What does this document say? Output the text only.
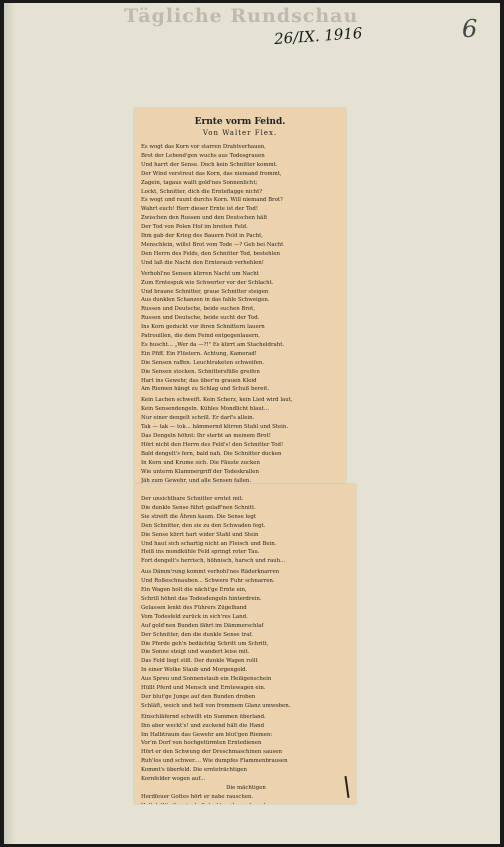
Tägliche Rundschau
26/IX. 1916	6
Ernte vorm Feind.
Von Walter Flex.
Es wogt das Korn vor starren Drahtverhauen,
Brot der Lebend'gen wuchs aus Todesgrauen
Und harrt der Sense. Doch kein Schnitter kommt.
Der Wind verstreut das Korn, das niemand frommt,
Zagein, tagaus wallt gold'nes Sonnenlicht;
Lockt, Schnitter, dich die Ernteflagge nicht?
Es wogt und raunt durchs Korn. Will niemand Brot?
Wahrt euch! Herr dieser Ernte ist der Tod!
Zwischen den Russen und den Deutschen hält
Der Tod von Polen Hof im breiten Feld.
Ihm gab der Krieg des Bauern Feld in Pacht,
Menschlein, willst Brot vom Tode —? Geh bei Nacht
Den Herrn des Felds, den Schnitter Tod, bestehlen
Und laß die Nacht den Ernteraub verhehlen!
Verhohl'ne Sensen klirren Nacht um Nacht
Zum Erntespuk wie Schwerter vor der Schlacht.
Und braune Schnitter, graue Schnitter steigen
Aus dunklen Schanzen in das fahle Schweigen.
Russen und Deutsche, beide suchen Brot,
Russen und Deutsche, beide sucht der Tod.
Ins Korn geduckt vor ihren Schnittern lauern
Patrouillen, die dem Feind entgegenlauern.
Es huscht... „Wer da —?!" Es klirrt am Stacheldraht.
Ein Pfiff. Ein Flüstern. Achtung, Kamerad!
Die Sensen raffen. Leuchtraketen schweifen.
Die Sensen stocken. Schnittersfüße greifen
Hart ins Gewehr, das über'm grauen Kleid
Am Riemen hängt zu Schlag und Schuß bereit.
Kein Lachen schweift. Kein Scherz, kein Lied wird laut,
Kein Sensendengeln. Kühles Mondlicht blaut...
Nur einer dengelt schrill. Er darf's allein.
Tak — tak — tok... hämmernd klirren Stahl und Stein.
Das Dengeln höhnt: Ihr sterbt an meinem Brot!
Hört nicht den Herrn des Feld's! den Schnitter Tod!
Bald dengelt's fern, bald nah. Die Schnitter ducken
In Korn und Krume sich. Die Fäuste zucken
Wie unterm Klammergriff der Todeskrallen
Jäh zum Gewehr, und alle Sensen fallen.
Der unsichtbare Schnitter erntet mit.
Die dunkle Sense führt gelaff'nen Schnitt.
Sie streift die Ähren kaum. Die Sense legt
Den Schnitter, den sie zu den Schwaden fegt.
Die Sense klirrt hart wider Stahl und Stein
Und haut sich schartig nicht an Fleisch und Bein.
Heiß ins mondkühle Feld springt roter Tau.
Fort dengelt's herrisch, höhnisch, harsch und rauh...
Aus Dämm'rung kommt verhohl'nes Räderknarren
Und Roßeschnauben... Schwere Fuhr schnarren.
Ein Wagen holt die nächt'ge Ernte ein,
Schrill höhnt das Todesdengeln hinterdrein.
Gelassen lenkt des Führers Zügelhand
Vom Todesfeld zurück in sich'res Land.
Auf gold'nen Bunden fährt im Dämmerschlaf
Der Schnitter, den die dunkle Sense traf.
Die Pferde geh'n bedächtig Schritt um Schritt,
Die Sonne steigt und wandert leise mit.
Das Feld liegt still. Der dunkle Wagen rollt
In einer Wolke Staub und Morgengold.
Aus Spreu und Sonnenstaub ein Heiligenschein
Hüllt Pferd und Mensch und Erntewagen ein.
Der blut'ge Junge auf den Bunden droben
Schläft, weich und hell von frommem Glanz umwoben.
Einschläfernd schwillt ein Summen überland.
Ihn aber weckt's! und zuckend hält die Hand
Im Halbtraum das Gewehr am blut'gen Riemen:
Vor'm Dorf von hochgetürmten Erntedienen
Hört er den Schwung der Dreschmaschinen sausen
Ruh'los und schwer.... Wie dumpfes Flammenbrausen
Kommt's überfeld. Die ernteträchtigen
Kornfelder wogen auf...
Die mächtigen
Herdfeuer Gottes hört er nahe rauschen.
